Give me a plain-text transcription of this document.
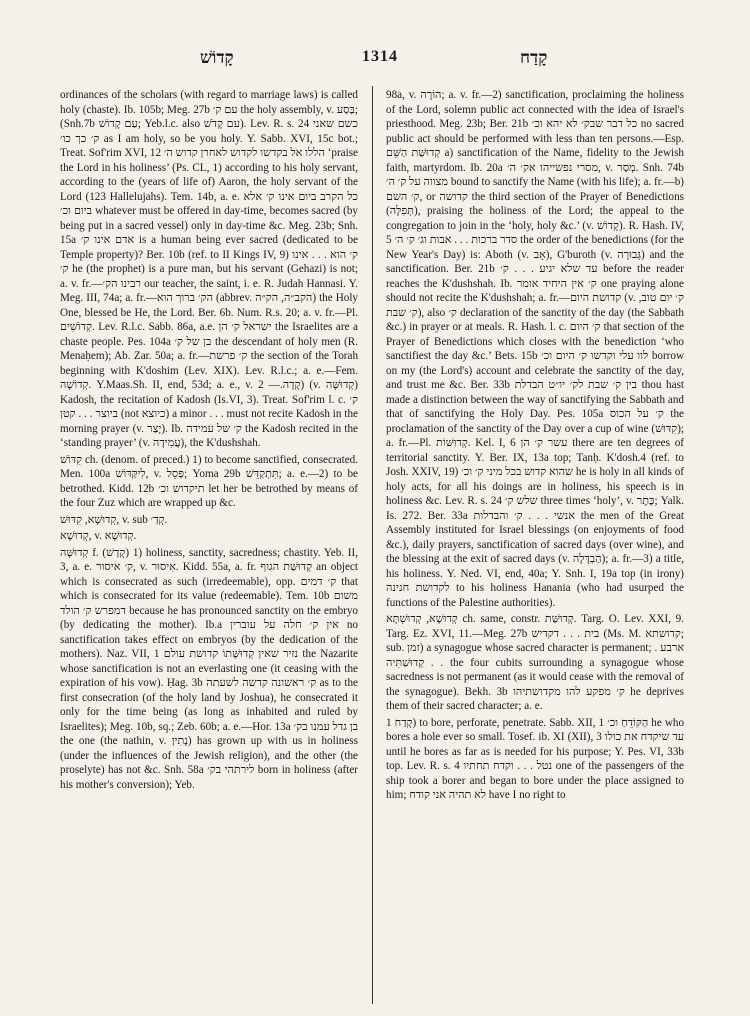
קָדוֹשׁ	1314	קָדַח

ordinances of the scholars (with regard to marriage laws) is called holy (chaste). Ib. 105b; Meg. 27b עם ק׳ the holy assembly, v. בְּסַע; (Snh.7b עַם קָדוֹשׁ; Yeb.l.c. also עם קָדֹשׁ). Lev. R. s. 24 כשם שאני ק׳ כך כו׳ as I am holy, so be you holy. Y. Sabb. XVI, 15c bot.; Treat. Sof'rim XVI, 12 הללו אל בקדשו לקדוש לאחרן קדוש ה׳ ‘praise the Lord in his holiness’ (Ps. CL, 1) according to his holy servant, according to the (years of life of) Aaron, the holy servant of the Lord (123 Hallelujahs). Tem. 14b, a. e. כל הקרב ביום אינו ק׳ אלא ביום וכ׳ whatever must be offered in day-time, becomes sacred (by being put in a sacred vessel) only in day-time &c. Meg. 23b; Snh. 15a אדם אינו ק׳ is a human being ever sacred (dedicated to be Temple property)? Ber. 10b (ref. to II Kings IV, 9) ק׳ הוא . . . אינו ק׳ he (the prophet) is a pure man, but his servant (Gehazi) is not; a. v. fr.—רבינו הק׳ our teacher, the saint, i. e. R. Judah Hannasi. Y. Meg. III, 74a; a. fr.—הק׳ ברוך הוא (abbrev. הקב״ה, הק״ה) the Holy One, blessed be He, the Lord. Ber. 6b. Num. R.s. 20; a. v. fr.—Pl. קְדוֹשִׁים. Lev. R.l.c. Sabb. 86a, a.e. ישראל ק׳ הן the Israelites are a chaste people. Pes. 104a בן של ק׳ the descendant of holy men (R. Menaḥem); Ab. Zar. 50a; a. fr.—ק׳ פרשת the section of the Torah beginning with K'doshim (Lev. XIX). Lev. R.l.c.; a. e.—Fem. קְדוֹשָׁה. Y.Maas.Sh. II, end, 53d; a. e., v. קָדָה.— 2) (v. קְדוּשָּׁה) Kadosh, the recitation of Kadosh (Is.VI, 3). Treat. Sof'rim l. c. ק׳ ביוצר . . . קטן (not כיוצא) a minor . . . must not recite Kadosh in the morning prayer (v. יָצַר). Ib. ק׳ של עמידה the Kadosh recited in the ‘standing prayer’ (v. עֲמִידָה), the K'dushshah.

קִדּוֹשׁ ch. (denom. of preced.) 1) to become sanctified, consecrated. Men. 100a לִיקַּדּוֹשׁ, v. פְּסֵל; Yoma 29b תִּתְקַדֵּשׁ; a. e.—2) to be betrothed. Kidd. 12b תיקדוש וכ׳ let her be betrothed by means of the four Zuz which are wrapped up &c.

קְדוּשָׁא, קִדּוּשׁ, v. sub קְדַ׳.

קְדוּשָׁא, v. קְדוּשָׁא.

קְדוּשָּׁה f. (קָדַשׁ) 1) holiness, sanctity, sacredness; chastity. Yeb. II, 3, a. e. ק׳ איסור, v. אִיסוּר. Kidd. 55a, a. fr. קְדוּשַּׁת הגוף an object which is consecrated as such (irredeemable), opp. ק׳ דמים that which is consecrated for its value (redeemable). Tem. 10b משום דמפרש ק׳ הולד because he has pronounced sanctity on the embryo (by dedicating the mother). Ib.a אין ק׳ חלה על עוברין no sanctification takes effect on embryos (by the dedication of the mothers). Naz. VII, 1 נזיר שאין קְדוּשָּׁתוֹ קדושת עולם the Nazarite whose sanctification is not an everlasting one (it ceasing with the expiration of his vow). Ḥag. 3b ק׳ ראשונה קדשה לשעתה as to the first consecration (of the holy land by Joshua), he consecrated it only for the time being (as long as inhabited and ruled by Israelites); Meg. 10b, sq.; Zeb. 60b; a. e.—Hor. 13a בן גדל עמנו בק׳ the one (the nathin, v. נָתִין) has grown up with us in holiness (under the influences of the Jewish religion), and the other (the proselyte) has not &c. Snh. 58a לירתהי בק׳ born in holiness (after his mother's conversion); Yeb.

98a, v. הוֹרָה; a. v. fr.—2) sanctification, proclaiming the holiness of the Lord, solemn public act connected with the idea of Israel's priesthood. Meg. 23b; Ber. 21b כל דבר שבק׳ לא יהא וכ׳ no sacred public act should be performed with less than ten persons.—Esp. קְדוּשַּׁת הַשֵּׁם a) sanctification of the Name, fidelity to the Jewish faith, martyrdom. Ib. 20a מסרי נפשייהו אק׳ ה׳, v. מְסַר. Snh. 74b מצווה על ק׳ ה׳ bound to sanctify the Name (with his life); a. fr.—b) ק׳ השם, or קדושה the third section of the Prayer of Benedictions (תְּפִלָּה), praising the holiness of the Lord; the appeal to the congregation to join in the ‘holy, holy &c.’ (v. קָדוֹשׁ). R. Hash. IV, 5 סדר ברכות . . . אבות וג׳ ק׳ ה׳ the order of the benedictions (for the New Year's Day) is: Aboth (v. אָב), G'buroth (v. גְּבוּרָה) and the sanctification. Ber. 21b עד שלא יגיע . . . ק׳ before the reader reaches the K'dushshah. Ib. ק׳ אין היחיד אומר one praying alone should not recite the K'dushshah; a. fr.—קדושת היום (v. ק׳ יום טוב, ק׳ שבת), also ק׳ declaration of the sanctity of the day (the Sabbath &c.) in prayer or at meals. R. Hash. l. c. ק׳ היום that section of the Prayer of Benedictions which closes with the benediction ‘who sanctifiest the day &c.’ Bets. 15b לוו עלי וקדשו ק׳ היום וכ׳ borrow on my (the Lord's) account and celebrate the sanctity of the day, and trust me &c. Ber. 33b בין ק׳ שבת לק׳ יו״ט הבדלת thou hast made a distinction between the way of sanctifying the Sabbath and that of sanctifying the Holy Day. Pes. 105a ק׳ על הכוס the proclamation of the sanctity of the Day over a cup of wine (קִדּוּשׁ); a. fr.—Pl. קְדוּשּׁוֹת. Kel. I, 6 עשר ק׳ הן there are ten degrees of territorial sanctity. Y. Ber. IX, 13a top; Tanḥ. K'dosh.4 (ref. to Josh. XXIV, 19) שהוא קדוש בכל מיני ק׳ וכ׳ he is holy in all kinds of holy acts, for all his doings are in holiness, his speech is in holiness &c. Lev. R. s. 24 שלש ק׳ three times ‘holy’, v. כֶּתֶר; Yalk. Is. 272. Ber. 33a אנשי . . . ק׳ והבדלות the men of the Great Assembly instituted for Israel blessings (on enjoyments of food &c.), daily prayers, sanctification of sacred days (over wine), and the blessing at the exit of sacred days (v. הַבְדָּלָה); a. fr.—3) a title, his holiness. Y. Ned. VI, end, 40a; Y. Snh. I, 19a top (in irony) לקדושת חנינה to his holiness Hanania (who had usurped the functions of the Palestine authorities).

קְדוּשָׁא, קְדוּשְׁתָּא ch. same, constr. קְדוּשַּׁת. Targ. O. Lev. XXI, 9. Targ. Ez. XVI, 11.—Meg. 27b בית . . . דקדיש (Ms. M. קדושתא; sub. זמן) a synagogue whose sacred character is permanent; ארבע . . . קְדוּשַׁתִּיה the four cubits surrounding a synagogue whose sacredness is not permanent (as it would cease with the removal of the synagogue). Bekh. 3b ק׳ מפקע להו מקדושתיהו he deprives them of their sacred character; a. e.

קָדַח 1) to bore, perforate, penetrate. Sabb. XII, 1 הַקּוֹדֵחַ וכ׳ he who bores a hole ever so small. Tosef. ib. XI (XII), 3 עד שיקדח את כולו until he bores as far as is needed for his purpose; Y. Pes. VI, 33b top. Lev. R. s. 4 נטל . . . וקדח תחתיו one of the passengers of the ship took a borer and began to bore under the place assigned to him; לא תהיה אני קודח have I no right to
